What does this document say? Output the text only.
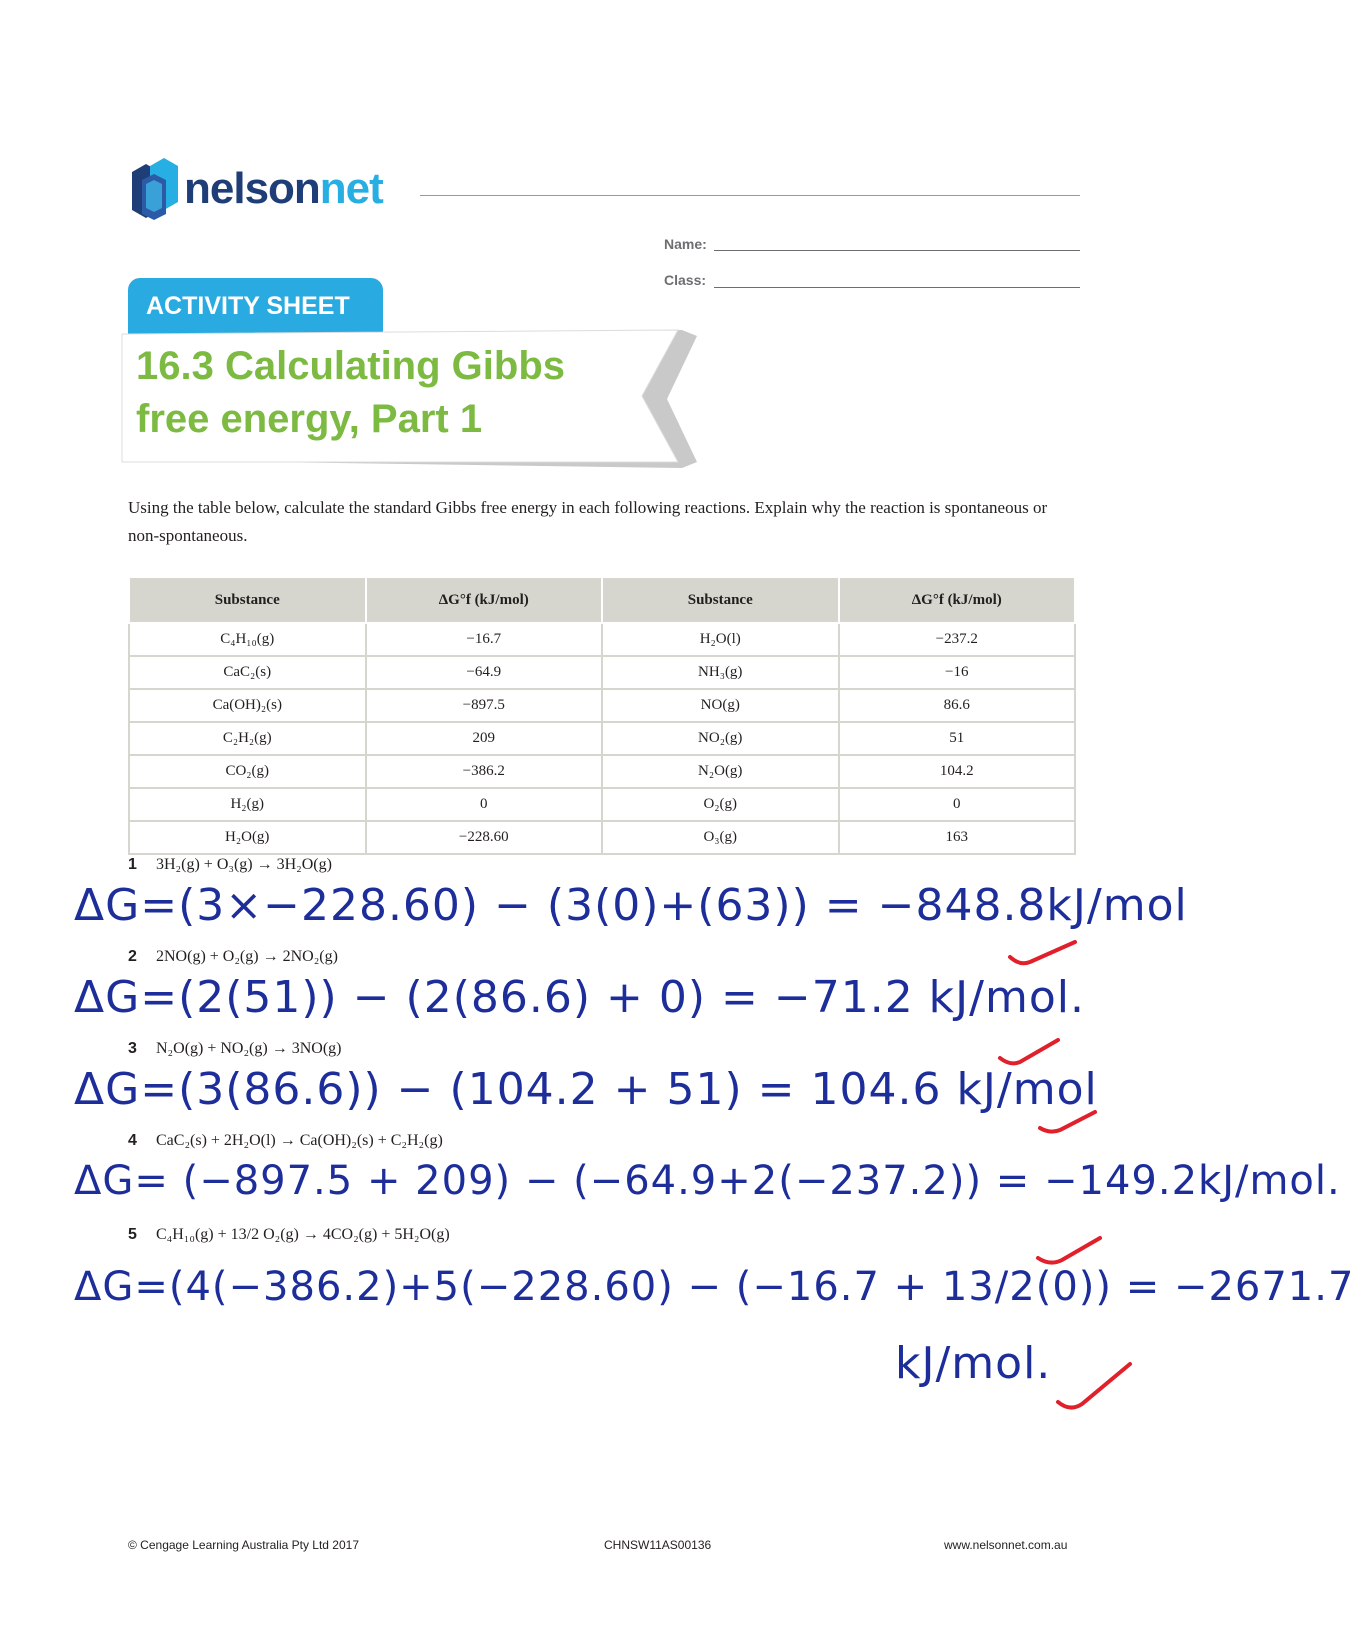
nelsonnet
Name:
Class:
ACTIVITY SHEET
16.3 Calculating Gibbs
free energy, Part 1
Using the table below, calculate the standard Gibbs free energy in each following reactions. Explain why the reaction is spontaneous or non-spontaneous.
Substance	ΔG°f (kJ/mol)	Substance	ΔG°f (kJ/mol)
C₄H₁₀(g)	−16.7	H₂O(l)	−237.2
CaC₂(s)	−64.9	NH₃(g)	−16
Ca(OH)₂(s)	−897.5	NO(g)	86.6
C₂H₂(g)	209	NO₂(g)	51
CO₂(g)	−386.2	N₂O(g)	104.2
H₂(g)	0	O₂(g)	0
H₂O(g)	−228.60	O₃(g)	163
1 3H₂(g) + O₃(g) → 3H₂O(g)
ΔG=(3×−228.60) − (3(0)+(63)) = −848.8kJ/mol
2 2NO(g) + O₂(g) → 2NO₂(g)
ΔG=(2(51)) − (2(86.6) + 0) = −71.2 kJ/mol.
3 N₂O(g) + NO₂(g) → 3NO(g)
ΔG=(3(86.6)) − (104.2 + 51) = 104.6 kJ/mol
4 CaC₂(s) + 2H₂O(l) → Ca(OH)₂(s) + C₂H₂(g)
ΔG= (−897.5 + 209) − (−64.9+2(−237.2)) = −149.2kJ/mol.
5 C₄H₁₀(g) + 13/2 O₂(g) → 4CO₂(g) + 5H₂O(g)
ΔG=(4(−386.2)+5(−228.60) − (−16.7 + 13/2(0)) = −2671.7
kJ/mol.
© Cengage Learning Australia Pty Ltd 2017	CHNSW11AS00136	www.nelsonnet.com.au
